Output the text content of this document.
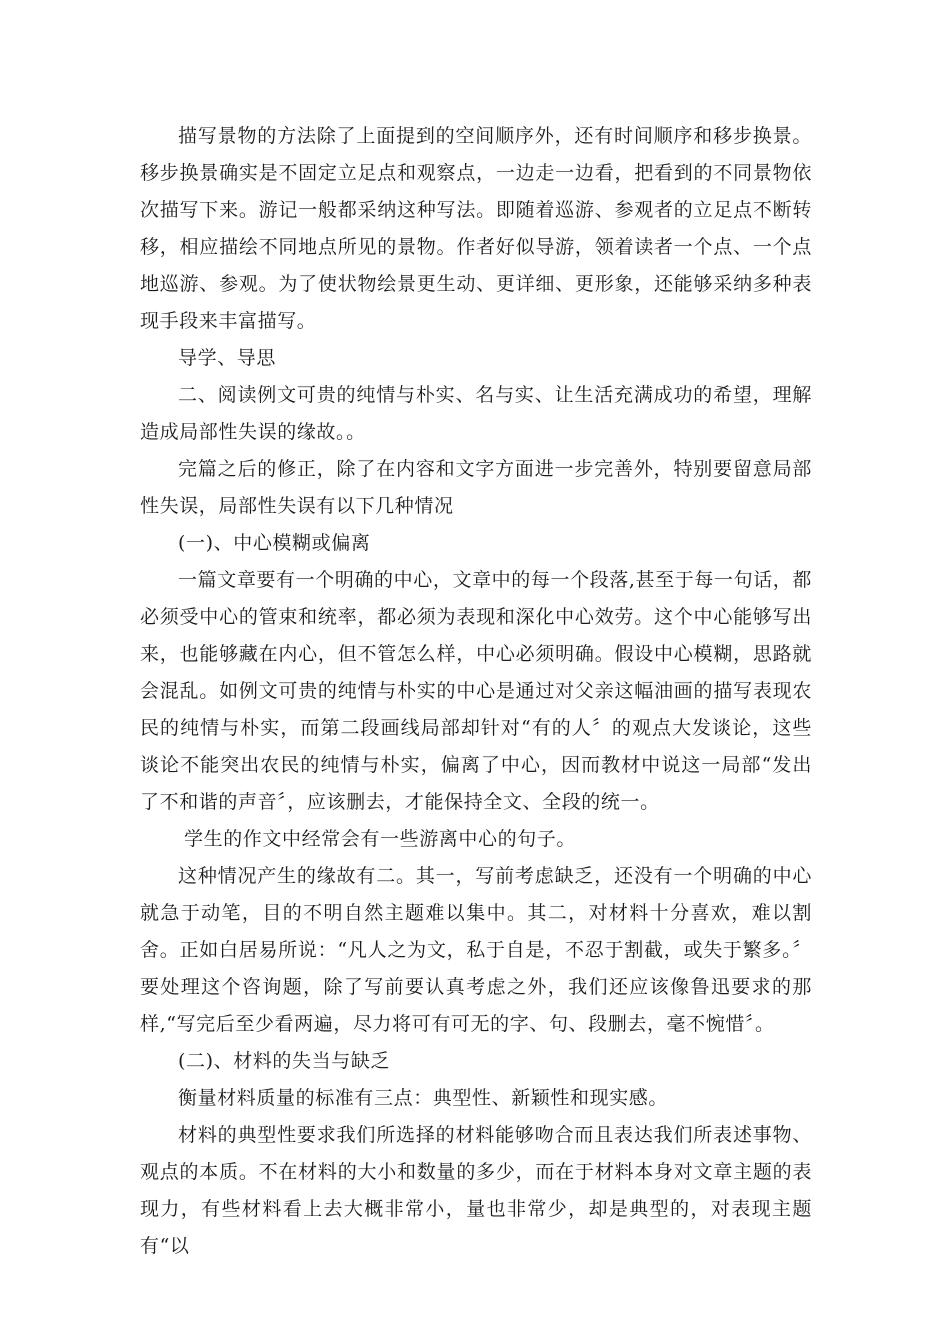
描写景物的方法除了上面提到的空间顺序外，还有时间顺序和移步换景。移步换景确实是不固定立足点和观察点，一边走一边看，把看到的不同景物依次描写下来。游记一般都采纳这种写法。即随着巡游、参观者的立足点不断转移，相应描绘不同地点所见的景物。作者好似导游，领着读者一个点、一个点地巡游、参观。为了使状物绘景更生动、更详细、更形象，还能够采纳多种表现手段来丰富描写。

导学、导思

二、阅读例文可贵的纯情与朴实、名与实、让生活充满成功的希望，理解造成局部性失误的缘故。。

完篇之后的修正，除了在内容和文字方面进一步完善外，特别要留意局部性失误，局部性失误有以下几种情况

(一)、中心模糊或偏离

一篇文章要有一个明确的中心，文章中的每一个段落,甚至于每一句话，都必须受中心的管束和统率，都必须为表现和深化中心效劳。这个中心能够写出来，也能够藏在内心，但不管怎么样，中心必须明确。假设中心模糊，思路就会混乱。如例文可贵的纯情与朴实的中心是通过对父亲这幅油画的描写表现农民的纯情与朴实，而第二段画线局部却针对“有的人〞的观点大发谈论，这些谈论不能突出农民的纯情与朴实，偏离了中心，因而教材中说这一局部“发出了不和谐的声音〞，应该删去，才能保持全文、全段的统一。

学生的作文中经常会有一些游离中心的句子。

这种情况产生的缘故有二。其一，写前考虑缺乏，还没有一个明确的中心就急于动笔，目的不明自然主题难以集中。其二，对材料十分喜欢，难以割舍。正如白居易所说：“凡人之为文，私于自是，不忍于割截，或失于繁多。〞要处理这个咨询题，除了写前要认真考虑之外，我们还应该像鲁迅要求的那样,“写完后至少看两遍，尽力将可有可无的字、句、段删去，毫不惋惜〞。

(二)、材料的失当与缺乏

衡量材料质量的标准有三点：典型性、新颖性和现实感。

材料的典型性要求我们所选择的材料能够吻合而且表达我们所表述事物、观点的本质。不在材料的大小和数量的多少，而在于材料本身对文章主题的表现力，有些材料看上去大概非常小，量也非常少，却是典型的，对表现主题有“以
